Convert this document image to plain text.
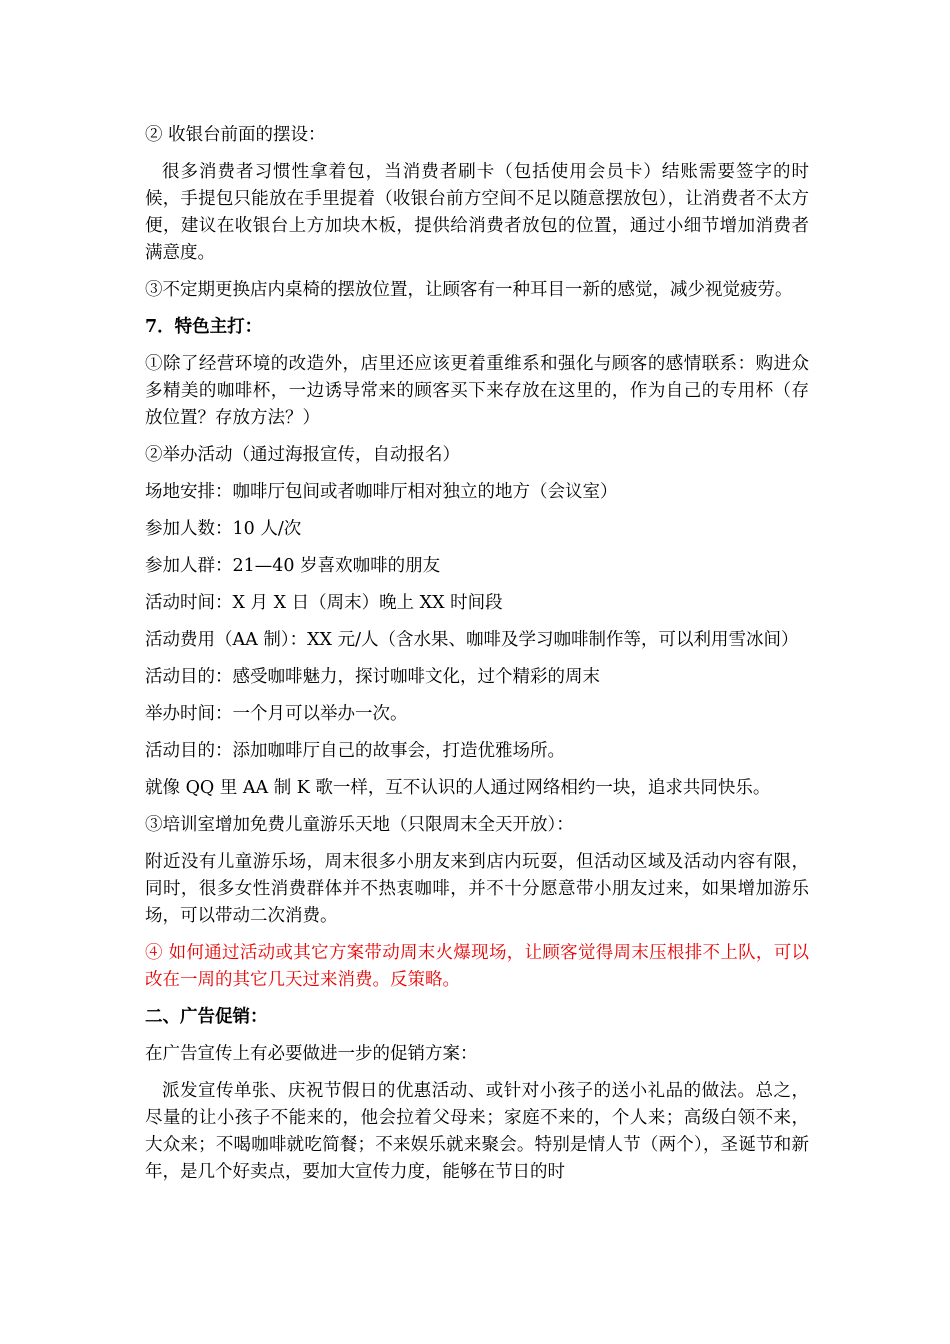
② 收银台前面的摆设：

很多消费者习惯性拿着包，当消费者刷卡（包括使用会员卡）结账需要签字的时候，手提包只能放在手里提着（收银台前方空间不足以随意摆放包），让消费者不太方便，建议在收银台上方加块木板，提供给消费者放包的位置，通过小细节增加消费者满意度。

③不定期更换店内桌椅的摆放位置，让顾客有一种耳目一新的感觉，减少视觉疲劳。

7．特色主打：

①除了经营环境的改造外，店里还应该更着重维系和强化与顾客的感情联系：购进众多精美的咖啡杯，一边诱导常来的顾客买下来存放在这里的，作为自己的专用杯（存放位置？存放方法？）

②举办活动（通过海报宣传，自动报名）

场地安排：咖啡厅包间或者咖啡厅相对独立的地方（会议室）

参加人数：10 人/次

参加人群：21—40 岁喜欢咖啡的朋友

活动时间：X 月 X 日（周末）晚上 XX 时间段

活动费用（AA 制）：XX 元/人（含水果、咖啡及学习咖啡制作等，可以利用雪冰间）

活动目的：感受咖啡魅力，探讨咖啡文化，过个精彩的周末

举办时间：一个月可以举办一次。

活动目的：添加咖啡厅自己的故事会，打造优雅场所。

就像 QQ 里 AA 制 K 歌一样，互不认识的人通过网络相约一块，追求共同快乐。

③培训室增加免费儿童游乐天地（只限周末全天开放）：

附近没有儿童游乐场，周末很多小朋友来到店内玩耍，但活动区域及活动内容有限，同时，很多女性消费群体并不热衷咖啡，并不十分愿意带小朋友过来，如果增加游乐场，可以带动二次消费。

④ 如何通过活动或其它方案带动周末火爆现场，让顾客觉得周末压根排不上队，可以改在一周的其它几天过来消费。反策略。

二、广告促销：

在广告宣传上有必要做进一步的促销方案：

派发宣传单张、庆祝节假日的优惠活动、或针对小孩子的送小礼品的做法。总之，尽量的让小孩子不能来的，他会拉着父母来；家庭不来的，个人来；高级白领不来，大众来；不喝咖啡就吃简餐；不来娱乐就来聚会。特别是情人节（两个），圣诞节和新年，是几个好卖点，要加大宣传力度，能够在节日的时
